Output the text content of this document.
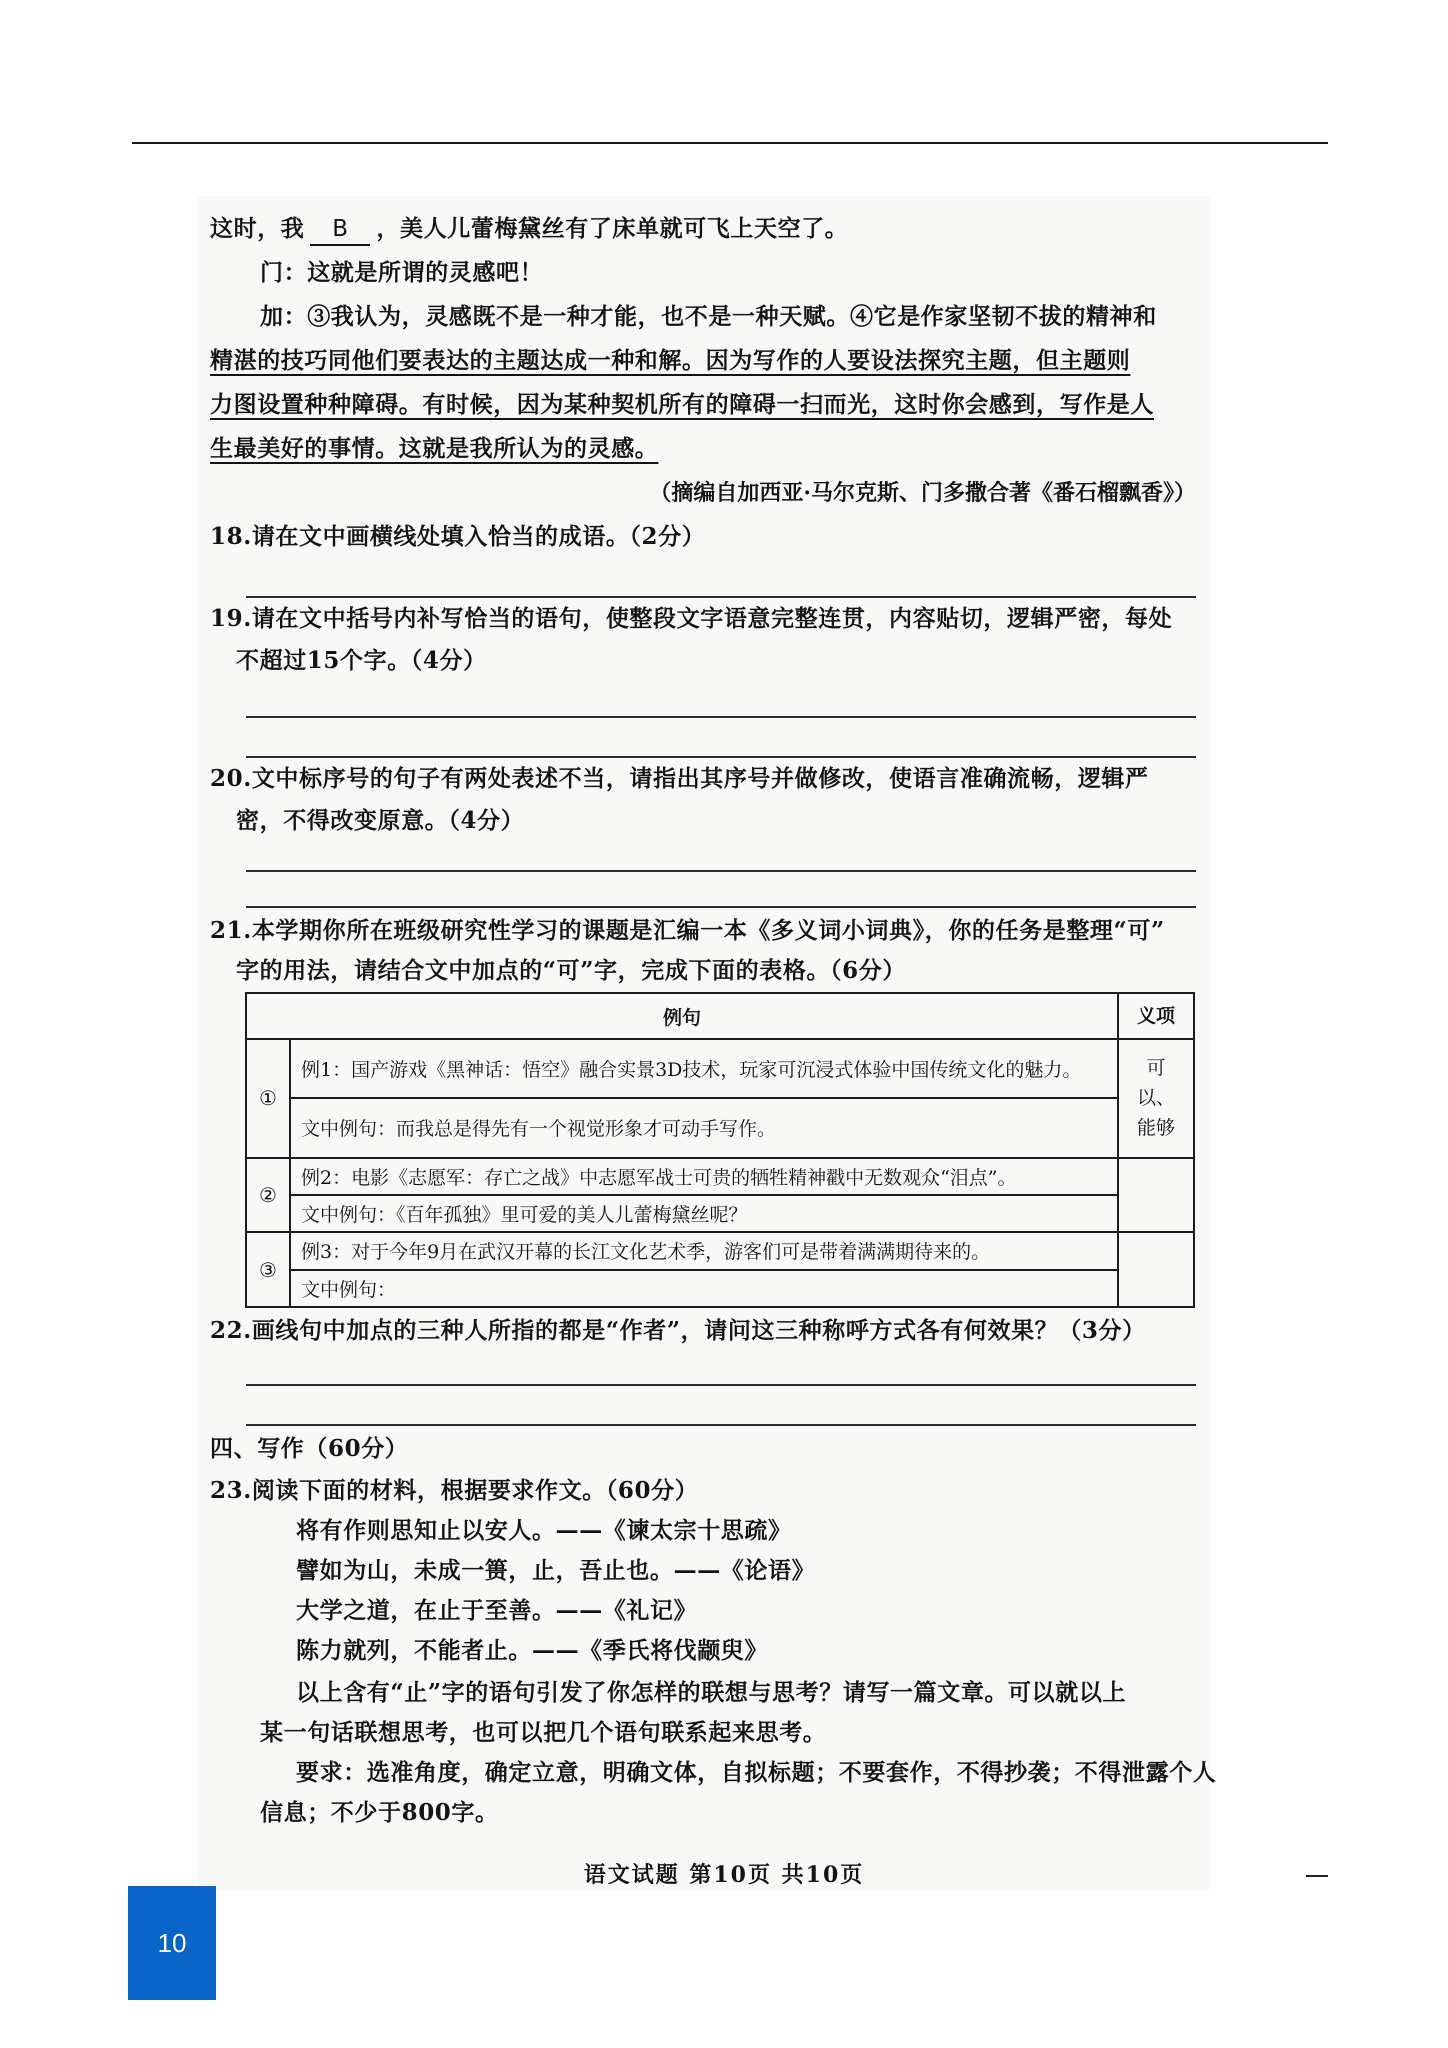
这时，我 B ，美人儿蕾梅黛丝有了床单就可飞上天空了。
门：这就是所谓的灵感吧！
加：③我认为，灵感既不是一种才能，也不是一种天赋。④它是作家坚韧不拔的精神和
精湛的技巧同他们要表达的主题达成一种和解。因为写作的人要设法探究主题，但主题则
力图设置种种障碍。有时候，因为某种契机所有的障碍一扫而光，这时你会感到，写作是人
生最美好的事情。这就是我所认为的灵感。
（摘编自加西亚·马尔克斯、门多撒合著《番石榴飘香》）
18.请在文中画横线处填入恰当的成语。（2分）
19.请在文中括号内补写恰当的语句，使整段文字语意完整连贯，内容贴切，逻辑严密，每处
不超过15个字。（4分）
20.文中标序号的句子有两处表述不当，请指出其序号并做修改，使语言准确流畅，逻辑严
密，不得改变原意。（4分）
21.本学期你所在班级研究性学习的课题是汇编一本《多义词小词典》，你的任务是整理“可”
字的用法，请结合文中加点的“可”字，完成下面的表格。（6分）
例句		义项
①	例1：国产游戏《黑神话：悟空》融合实景3D技术，玩家可沉浸式体验中国传统文化的魅力。	可以、能够
	文中例句：而我总是得先有一个视觉形象才可动手写作。	
②	例2：电影《志愿军：存亡之战》中志愿军战士可贵的牺牲精神戳中无数观众“泪点”。	
	文中例句：《百年孤独》里可爱的美人儿蕾梅黛丝呢？	
③	例3：对于今年9月在武汉开幕的长江文化艺术季，游客们可是带着满满期待来的。	
	文中例句：	
22.画线句中加点的三种人所指的都是“作者”，请问这三种称呼方式各有何效果？（3分）
四、写作（60分）
23.阅读下面的材料，根据要求作文。（60分）
将有作则思知止以安人。——《谏太宗十思疏》
譬如为山，未成一篑，止，吾止也。——《论语》
大学之道，在止于至善。——《礼记》
陈力就列，不能者止。——《季氏将伐颛臾》
以上含有“止”字的语句引发了你怎样的联想与思考？请写一篇文章。可以就以上
某一句话联想思考，也可以把几个语句联系起来思考。
要求：选准角度，确定立意，明确文体，自拟标题；不要套作，不得抄袭；不得泄露个人
信息；不少于800字。
语文试题 第10页 共10页
10
